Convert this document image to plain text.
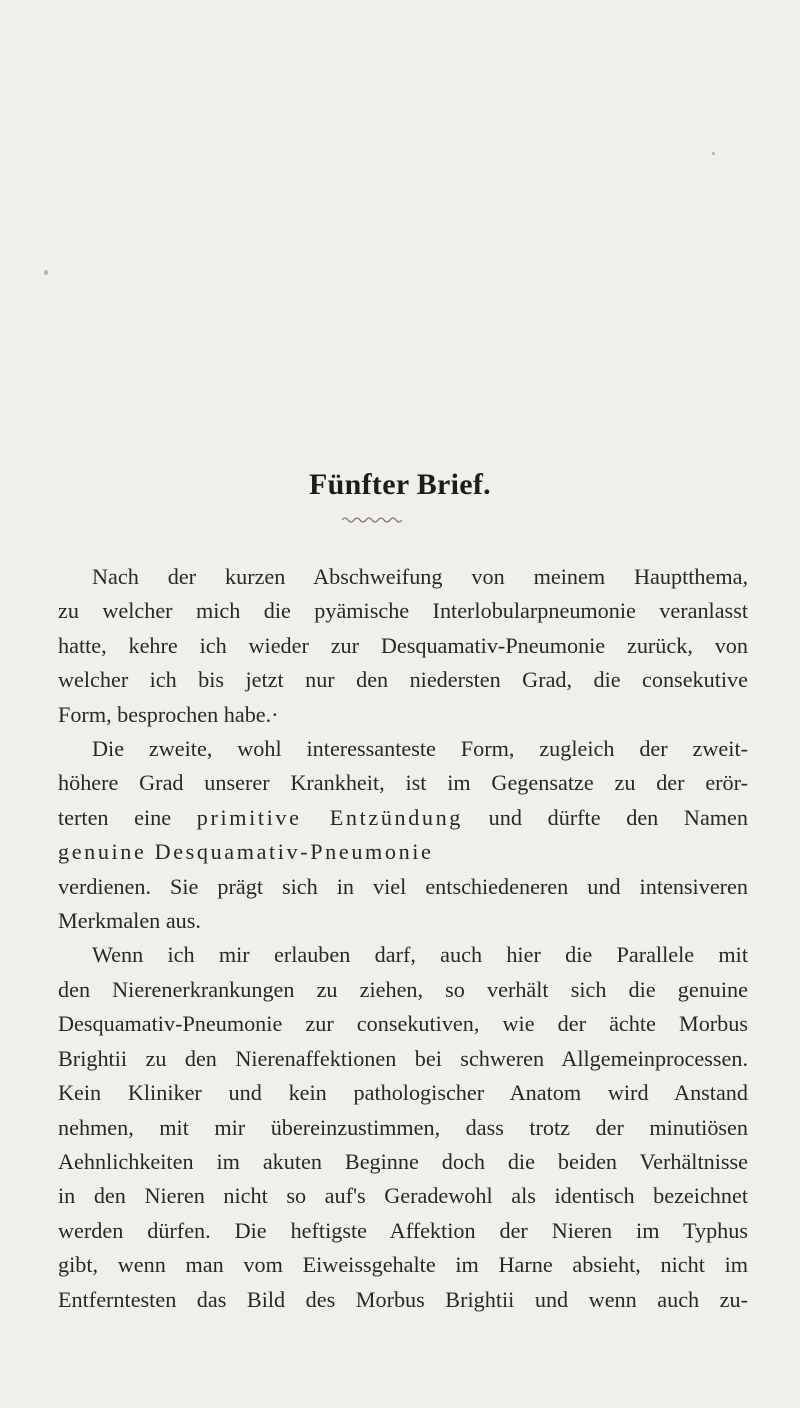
Fünfter Brief.

Nach der kurzen Abschweifung von meinem Hauptthema,
zu welcher mich die pyämische Interlobularpneumonie veranlasst
hatte, kehre ich wieder zur Desquamativ-Pneumonie zurück, von
welcher ich bis jetzt nur den niedersten Grad, die consekutive
Form, besprochen habe.·

Die zweite, wohl interessanteste Form, zugleich der zweit-
höhere Grad unserer Krankheit, ist im Gegensatze zu der erör-
terten eine primitive Entzündung und dürfte den Namen
genuine Desquamativ-Pneumonie
verdienen. Sie prägt sich in viel entschiedeneren und intensiveren
Merkmalen aus.

Wenn ich mir erlauben darf, auch hier die Parallele mit
den Nierenerkrankungen zu ziehen, so verhält sich die genuine
Desquamativ-Pneumonie zur consekutiven, wie der ächte Morbus
Brightii zu den Nierenaffektionen bei schweren Allgemeinprocessen.
Kein Kliniker und kein pathologischer Anatom wird Anstand
nehmen, mit mir übereinzustimmen, dass trotz der minutiösen
Aehnlichkeiten im akuten Beginne doch die beiden Verhältnisse
in den Nieren nicht so auf's Geradewohl als identisch bezeichnet
werden dürfen. Die heftigste Affektion der Nieren im Typhus
gibt, wenn man vom Eiweissgehalte im Harne absieht, nicht im
Entferntesten das Bild des Morbus Brightii und wenn auch zu-
